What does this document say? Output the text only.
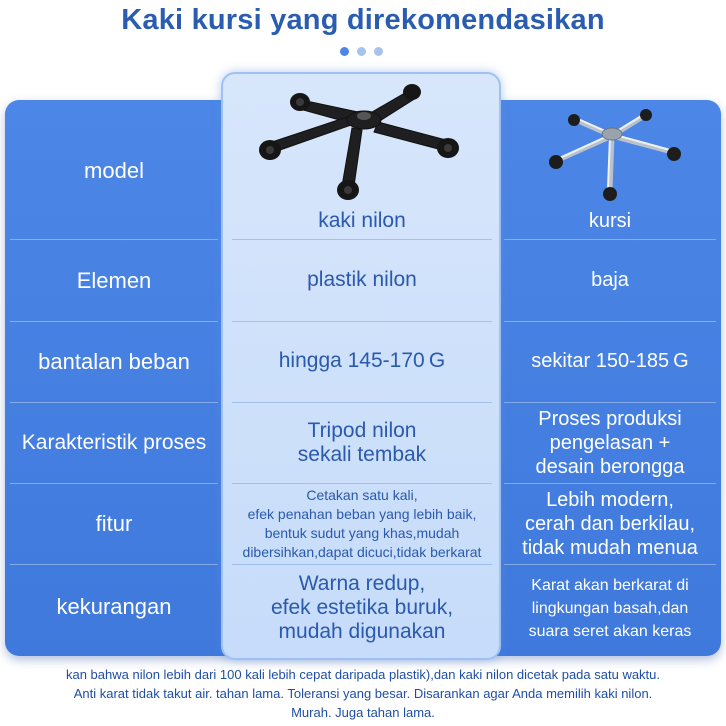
Kaki kursi yang direkomendasikan
model
Elemen
bantalan beban
Karakteristik proses
fitur
kekurangan
kaki nilon
plastik nilon
hingga 145-170 G
Tripod nilon
sekali tembak
Cetakan satu kali,
efek penahan beban yang lebih baik,
bentuk sudut yang khas,mudah
dibersihkan,dapat dicuci,tidak berkarat
Warna redup,
efek estetika buruk,
mudah digunakan
kursi
baja
sekitar 150-185 G
Proses produksi
pengelasan +
desain berongga
Lebih modern,
cerah dan berkilau,
tidak mudah menua
Karat akan berkarat di
lingkungan basah,dan
suara seret akan keras
kan bahwa nilon lebih dari 100 kali lebih cepat daripada plastik),dan kaki nilon dicetak pada satu waktu.
Anti karat tidak takut air. tahan lama. Toleransi yang besar. Disarankan agar Anda memilih kaki nilon.
Murah. Juga tahan lama.
